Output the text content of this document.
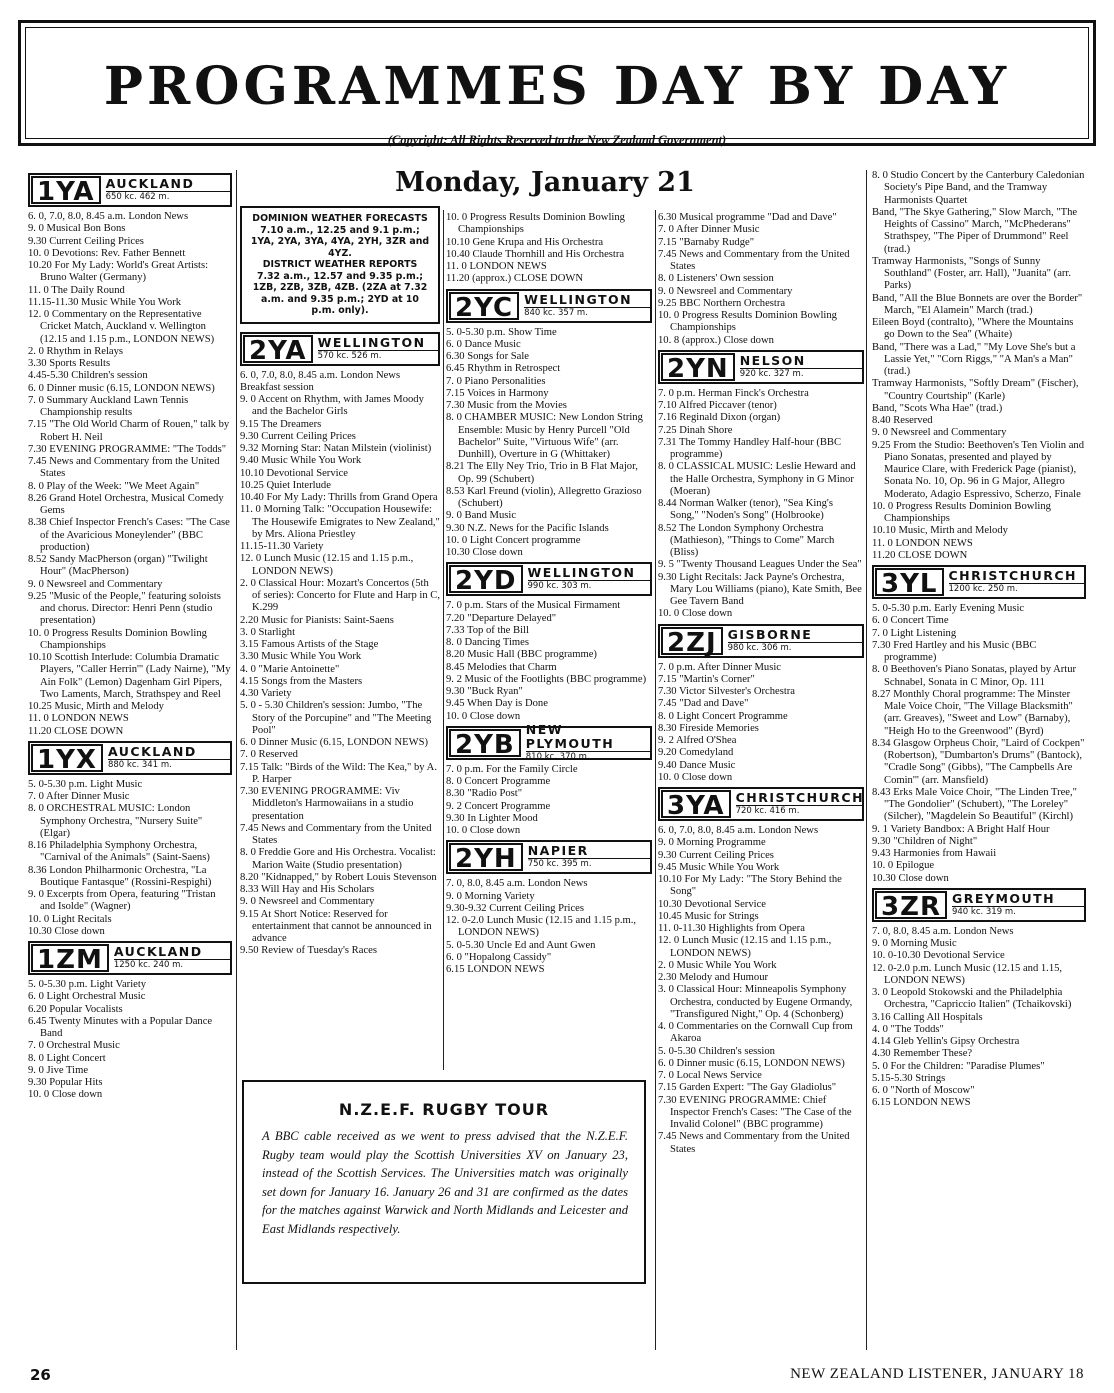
PROGRAMMES DAY BY DAY
(Copyright: All Rights Reserved to the New Zealand Government)
Monday, January 21
1YA AUCKLAND
650 kc. 462 m.

6. 0, 7.0, 8.0, 8.45 a.m. London News

9. 0 Musical Bon Bons

9.30 Current Ceiling Prices

10. 0 Devotions: Rev. Father Bennett

10.20 For My Lady: World's Great Artists: Bruno Walter (Germany)

11. 0 The Daily Round

11.15-11.30 Music While You Work

12. 0 Commentary on the Representative Cricket Match, Auckland v. Wellington (12.15 and 1.15 p.m., LONDON NEWS)

2. 0 Rhythm in Relays

3.30 Sports Results

4.45-5.30 Children's session

6. 0 Dinner music (6.15, LONDON NEWS)

7. 0 Summary Auckland Lawn Tennis Championship results

7.15 "The Old World Charm of Rouen," talk by Robert H. Neil

7.30 EVENING PROGRAMME: "The Todds"

7.45 News and Commentary from the United States

8. 0 Play of the Week: "We Meet Again"

8.26 Grand Hotel Orchestra, Musical Comedy Gems

8.38 Chief Inspector French's Cases: "The Case of the Avaricious Moneylender" (BBC production)

8.52 Sandy MacPherson (organ) "Twilight Hour" (MacPherson)

9. 0 Newsreel and Commentary

9.25 "Music of the People," featuring soloists and chorus. Director: Henri Penn (studio presentation)

10. 0 Progress Results Dominion Bowling Championships

10.10 Scottish Interlude: Columbia Dramatic Players, "Caller Herrin'" (Lady Nairne), "My Ain Folk" (Lemon) Dagenham Girl Pipers, Two Laments, March, Strathspey and Reel

10.25 Music, Mirth and Melody

11. 0 LONDON NEWS

11.20 CLOSE DOWN

1YX AUCKLAND
880 kc. 341 m.

5. 0-5.30 p.m. Light Music

7. 0 After Dinner Music

8. 0 ORCHESTRAL MUSIC: London Symphony Orchestra, "Nursery Suite" (Elgar)

8.16 Philadelphia Symphony Orchestra, "Carnival of the Animals" (Saint-Saens)

8.36 London Philharmonic Orchestra, "La Boutique Fantasque" (Rossini-Respighi)

9. 0 Excerpts from Opera, featuring "Tristan and Isolde" (Wagner)

10. 0 Light Recitals

10.30 Close down

1ZM AUCKLAND
1250 kc. 240 m.

5. 0-5.30 p.m. Light Variety

6. 0 Light Orchestral Music

6.20 Popular Vocalists

6.45 Twenty Minutes with a Popular Dance Band

7. 0 Orchestral Music

8. 0 Light Concert

9. 0 Jive Time

9.30 Popular Hits

10. 0 Close down

DOMINION WEATHER FORECASTS
7.10 a.m., 12.25 and 9.1 p.m.; 1YA, 2YA, 3YA, 4YA, 2YH, 3ZR and 4YZ.
DISTRICT WEATHER REPORTS
7.32 a.m., 12.57 and 9.35 p.m.; 1ZB, 2ZB, 3ZB, 4ZB. (2ZA at 7.32 a.m. and 9.35 p.m.; 2YD at 10 p.m. only).
2YA WELLINGTON
570 kc. 526 m.

6. 0, 7.0, 8.0, 8.45 a.m. London News

Breakfast session

9. 0 Accent on Rhythm, with James Moody and the Bachelor Girls

9.15 The Dreamers

9.30 Current Ceiling Prices

9.32 Morning Star: Natan Milstein (violinist)

9.40 Music While You Work

10.10 Devotional Service

10.25 Quiet Interlude

10.40 For My Lady: Thrills from Grand Opera

11. 0 Morning Talk: "Occupation Housewife: The Housewife Emigrates to New Zealand," by Mrs. Aliona Priestley

11.15-11.30 Variety

12. 0 Lunch Music (12.15 and 1.15 p.m., LONDON NEWS)

2. 0 Classical Hour: Mozart's Concertos (5th of series): Concerto for Flute and Harp in C, K.299

2.20 Music for Pianists: Saint-Saens

3. 0 Starlight

3.15 Famous Artists of the Stage

3.30 Music While You Work

4. 0 "Marie Antoinette"

4.15 Songs from the Masters

4.30 Variety

5. 0 - 5.30 Children's session: Jumbo, "The Story of the Porcupine" and "The Meeting Pool"

6. 0 Dinner Music (6.15, LONDON NEWS)

7. 0 Reserved

7.15 Talk: "Birds of the Wild: The Kea," by A. P. Harper

7.30 EVENING PROGRAMME: Viv Middleton's Harmowaiians in a studio presentation

7.45 News and Commentary from the United States

8. 0 Freddie Gore and His Orchestra. Vocalist: Marion Waite (Studio presentation)

8.20 "Kidnapped," by Robert Louis Stevenson

8.33 Will Hay and His Scholars

9. 0 Newsreel and Commentary

9.15 At Short Notice: Reserved for entertainment that cannot be announced in advance

9.50 Review of Tuesday's Races

10. 0 Progress Results Dominion Bowling Championships

10.10 Gene Krupa and His Orchestra

10.40 Claude Thornhill and His Orchestra

11. 0 LONDON NEWS

11.20 (approx.) CLOSE DOWN

2YC WELLINGTON
840 kc. 357 m.

5. 0-5.30 p.m. Show Time

6. 0 Dance Music

6.30 Songs for Sale

6.45 Rhythm in Retrospect

7. 0 Piano Personalities

7.15 Voices in Harmony

7.30 Music from the Movies

8. 0 CHAMBER MUSIC: New London String Ensemble: Music by Henry Purcell "Old Bachelor" Suite, "Virtuous Wife" (arr. Dunhill), Overture in G (Whittaker)

8.21 The Elly Ney Trio, Trio in B Flat Major, Op. 99 (Schubert)

8.53 Karl Freund (violin), Allegretto Grazioso (Schubert)

9. 0 Band Music

9.30 N.Z. News for the Pacific Islands

10. 0 Light Concert programme

10.30 Close down

2YD WELLINGTON
990 kc. 303 m.

7. 0 p.m. Stars of the Musical Firmament

7.20 "Departure Delayed"

7.33 Top of the Bill

8. 0 Dancing Times

8.20 Music Hall (BBC programme)

8.45 Melodies that Charm

9. 2 Music of the Footlights (BBC programme)

9.30 "Buck Ryan"

9.45 When Day is Done

10. 0 Close down

2YB
NEW PLYMOUTH
810 kc. 370 m.

7. 0 p.m. For the Family Circle

8. 0 Concert Programme

8.30 "Radio Post"

9. 2 Concert Programme

9.30 In Lighter Mood

10. 0 Close down

2YH NAPIER
750 kc. 395 m.

7. 0, 8.0, 8.45 a.m. London News

9. 0 Morning Variety

9.30-9.32 Current Ceiling Prices

12. 0-2.0 Lunch Music (12.15 and 1.15 p.m., LONDON NEWS)

5. 0-5.30 Uncle Ed and Aunt Gwen

6. 0 "Hopalong Cassidy"

6.15 LONDON NEWS

6.30 Musical programme "Dad and Dave"

7. 0 After Dinner Music

7.15 "Barnaby Rudge"

7.45 News and Commentary from the United States

8. 0 Listeners' Own session

9. 0 Newsreel and Commentary

9.25 BBC Northern Orchestra

10. 0 Progress Results Dominion Bowling Championships

10. 8 (approx.) Close down

2YN NELSON
920 kc. 327 m.

7. 0 p.m. Herman Finck's Orchestra

7.10 Alfred Piccaver (tenor)

7.16 Reginald Dixon (organ)

7.25 Dinah Shore

7.31 The Tommy Handley Half-hour (BBC programme)

8. 0 CLASSICAL MUSIC: Leslie Heward and the Halle Orchestra, Symphony in G Minor (Moeran)

8.44 Norman Walker (tenor), "Sea King's Song," "Noden's Song" (Holbrooke)

8.52 The London Symphony Orchestra (Mathieson), "Things to Come" March (Bliss)

9. 5 "Twenty Thousand Leagues Under the Sea"

9.30 Light Recitals: Jack Payne's Orchestra, Mary Lou Williams (piano), Kate Smith, Bee Gee Tavern Band

10. 0 Close down

2ZJ GISBORNE
980 kc. 306 m.

7. 0 p.m. After Dinner Music

7.15 "Martin's Corner"

7.30 Victor Silvester's Orchestra

7.45 "Dad and Dave"

8. 0 Light Concert Programme

8.30 Fireside Memories

9. 2 Alfred O'Shea

9.20 Comedyland

9.40 Dance Music

10. 0 Close down

3YA CHRISTCHURCH
720 kc. 416 m.

6. 0, 7.0, 8.0, 8.45 a.m. London News

9. 0 Morning Programme

9.30 Current Ceiling Prices

9.45 Music While You Work

10.10 For My Lady: "The Story Behind the Song"

10.30 Devotional Service

10.45 Music for Strings

11. 0-11.30 Highlights from Opera

12. 0 Lunch Music (12.15 and 1.15 p.m., LONDON NEWS)

2. 0 Music While You Work

2.30 Melody and Humour

3. 0 Classical Hour: Minneapolis Symphony Orchestra, conducted by Eugene Ormandy, "Transfigured Night," Op. 4 (Schonberg)

4. 0 Commentaries on the Cornwall Cup from Akaroa

5. 0-5.30 Children's session

6. 0 Dinner music (6.15, LONDON NEWS)

7. 0 Local News Service

7.15 Garden Expert: "The Gay Gladiolus"

7.30 EVENING PROGRAMME: Chief Inspector French's Cases: "The Case of the Invalid Colonel" (BBC programme)

7.45 News and Commentary from the United States

8. 0 Studio Concert by the Canterbury Caledonian Society's Pipe Band, and the Tramway Harmonists Quartet

Band, "The Skye Gathering," Slow March, "The Heights of Cassino" March, "McPhederans" Strathspey, "The Piper of Drummond" Reel (trad.)

Tramway Harmonists, "Songs of Sunny Southland" (Foster, arr. Hall), "Juanita" (arr. Parks)

Band, "All the Blue Bonnets are over the Border" March, "El Alamein" March (trad.)

Eileen Boyd (contralto), "Where the Mountains go Down to the Sea" (Whaite)

Band, "There was a Lad," "My Love She's but a Lassie Yet," "Corn Riggs," "A Man's a Man" (trad.)

Tramway Harmonists, "Softly Dream" (Fischer), "Country Courtship" (Karle)

Band, "Scots Wha Hae" (trad.)

8.40 Reserved

9. 0 Newsreel and Commentary

9.25 From the Studio: Beethoven's Ten Violin and Piano Sonatas, presented and played by Maurice Clare, with Frederick Page (pianist), Sonata No. 10, Op. 96 in G Major, Allegro Moderato, Adagio Espressivo, Scherzo, Finale

10. 0 Progress Results Dominion Bowling Championships

10.10 Music, Mirth and Melody

11. 0 LONDON NEWS

11.20 CLOSE DOWN

3YL CHRISTCHURCH
1200 kc. 250 m.

5. 0-5.30 p.m. Early Evening Music

6. 0 Concert Time

7. 0 Light Listening

7.30 Fred Hartley and his Music (BBC programme)

8. 0 Beethoven's Piano Sonatas, played by Artur Schnabel, Sonata in C Minor, Op. 111

8.27 Monthly Choral programme: The Minster Male Voice Choir, "The Village Blacksmith" (arr. Greaves), "Sweet and Low" (Barnaby), "Heigh Ho to the Greenwood" (Byrd)

8.34 Glasgow Orpheus Choir, "Laird of Cockpen" (Robertson), "Dumbarton's Drums" (Bantock), "Cradle Song" (Gibbs), "The Campbells Are Comin'" (arr. Mansfield)

8.43 Erks Male Voice Choir, "The Linden Tree," "The Gondolier" (Schubert), "The Loreley" (Silcher), "Magdelein So Beautiful" (Kirchl)

9. 1 Variety Bandbox: A Bright Half Hour

9.30 "Children of Night"

9.43 Harmonies from Hawaii

10. 0 Epilogue

10.30 Close down

3ZR GREYMOUTH
940 kc. 319 m.

7. 0, 8.0, 8.45 a.m. London News

9. 0 Morning Music

10. 0-10.30 Devotional Service

12. 0-2.0 p.m. Lunch Music (12.15 and 1.15, LONDON NEWS)

3. 0 Leopold Stokowski and the Philadelphia Orchestra, "Capriccio Italien" (Tchaikovski)

3.16 Calling All Hospitals

4. 0 "The Todds"

4.14 Gleb Yellin's Gipsy Orchestra

4.30 Remember These?

5. 0 For the Children: "Paradise Plumes"

5.15-5.30 Strings

6. 0 "North of Moscow"

6.15 LONDON NEWS

N.Z.E.F. RUGBY TOUR
A BBC cable received as we went to press advised that the N.Z.E.F. Rugby team would play the Scottish Universities XV on January 23, instead of the Scottish Services. The Universities match was originally set down for January 16. January 26 and 31 are confirmed as the dates for the matches against Warwick and North Midlands and Leicester and East Midlands respectively.
26	NEW ZEALAND LISTENER, JANUARY 18
